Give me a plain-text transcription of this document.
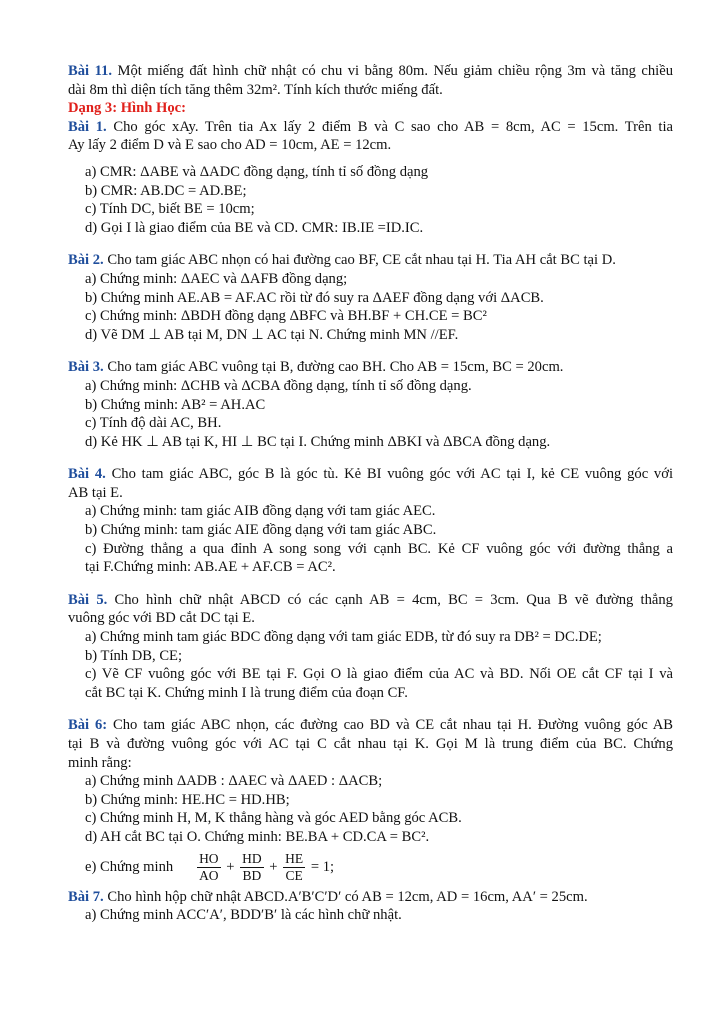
Bài 11. Một miếng đất hình chữ nhật có chu vi bằng 80m. Nếu giảm chiều rộng 3m và tăng chiều
dài 8m thì diện tích tăng thêm 32m². Tính kích thước miếng đất.
Dạng 3: Hình Học:
Bài 1. Cho góc xAy. Trên tia Ax lấy 2 điểm B và C sao cho AB = 8cm, AC = 15cm. Trên tia
Ay lấy 2 điểm D và E sao cho AD = 10cm, AE = 12cm.
a) CMR: ΔABE và ΔADC đồng dạng, tính tỉ số đồng dạng
b) CMR: AB.DC = AD.BE;
c) Tính DC, biết BE = 10cm;
d) Gọi I là giao điểm của BE và CD. CMR: IB.IE =ID.IC.
Bài 2. Cho tam giác ABC nhọn có hai đường cao BF, CE cắt nhau tại H. Tia AH cắt BC tại D.
a) Chứng minh: ΔAEC và ΔAFB đồng dạng;
b) Chứng minh AE.AB = AF.AC rồi từ đó suy ra ΔAEF đồng dạng với ΔACB.
c) Chứng minh: ΔBDH đồng dạng ΔBFC và BH.BF + CH.CE = BC²
d) Vẽ DM ⊥ AB tại M, DN ⊥ AC tại N. Chứng minh MN //EF.
Bài 3. Cho tam giác ABC vuông tại B, đường cao BH. Cho AB = 15cm, BC = 20cm.
a) Chứng minh: ΔCHB và ΔCBA đồng dạng, tính tỉ số đồng dạng.
b) Chứng minh: AB² = AH.AC
c) Tính độ dài AC, BH.
d) Kẻ HK ⊥ AB tại K, HI ⊥ BC tại I. Chứng minh ΔBKI và ΔBCA đồng dạng.
Bài 4. Cho tam giác ABC, góc B là góc tù. Kẻ BI vuông góc với AC tại I, kẻ CE vuông góc với
AB tại E.
a) Chứng minh: tam giác AIB đồng dạng với tam giác AEC.
b) Chứng minh: tam giác AIE đồng dạng với tam giác ABC.
c) Đường thẳng a qua đỉnh A song song với cạnh BC. Kẻ CF vuông góc với đường thẳng a
tại F.Chứng minh: AB.AE + AF.CB = AC².
Bài 5. Cho hình chữ nhật ABCD có các cạnh AB = 4cm, BC = 3cm. Qua B vẽ đường thẳng
vuông góc với BD cắt DC tại E.
a) Chứng minh tam giác BDC đồng dạng với tam giác EDB, từ đó suy ra DB² = DC.DE;
b) Tính DB, CE;
c) Vẽ CF vuông góc với BE tại F. Gọi O là giao điểm của AC và BD. Nối OE cắt CF tại I và
cắt BC tại K. Chứng minh I là trung điểm của đoạn CF.
Bài 6: Cho tam giác ABC nhọn, các đường cao BD và CE cắt nhau tại H. Đường vuông góc AB
tại B và đường vuông góc với AC tại C cắt nhau tại K. Gọi M là trung điểm của BC. Chứng
minh rằng:
a) Chứng minh ΔADB : ΔAEC và ΔAED : ΔACB;
b) Chứng minh: HE.HC = HD.HB;
c) Chứng minh H, M, K thẳng hàng và góc AED bằng góc ACB.
d) AH cắt BC tại O. Chứng minh: BE.BA + CD.CA = BC².
e) Chứng minh $\frac{HO}{AO} + \frac{HD}{BD} + \frac{HE}{CE} = 1$;
Bài 7. Cho hình hộp chữ nhật ABCD.A′B′C′D′ có AB = 12cm, AD = 16cm, AA′ = 25cm.
a) Chứng minh ACC′A′, BDD′B′ là các hình chữ nhật.
